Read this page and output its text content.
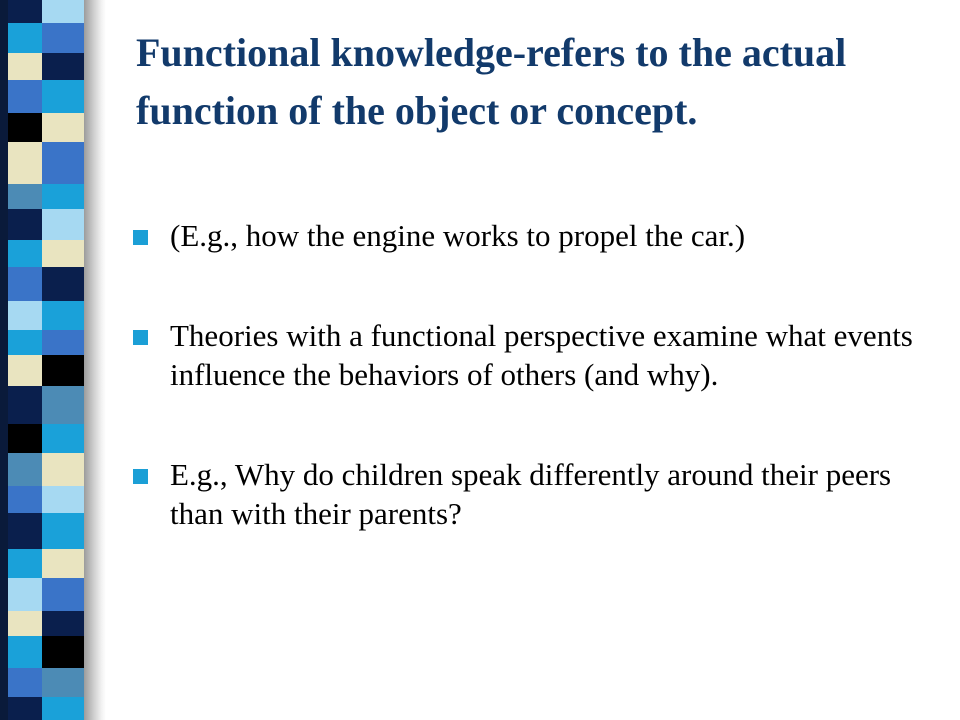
Functional knowledge-refers to the actual function of the object or concept.
(E.g., how the engine works to propel the car.)
Theories with a functional perspective examine what events influence the behaviors of others (and why).
E.g., Why do children speak differently around their peers than with their parents?
